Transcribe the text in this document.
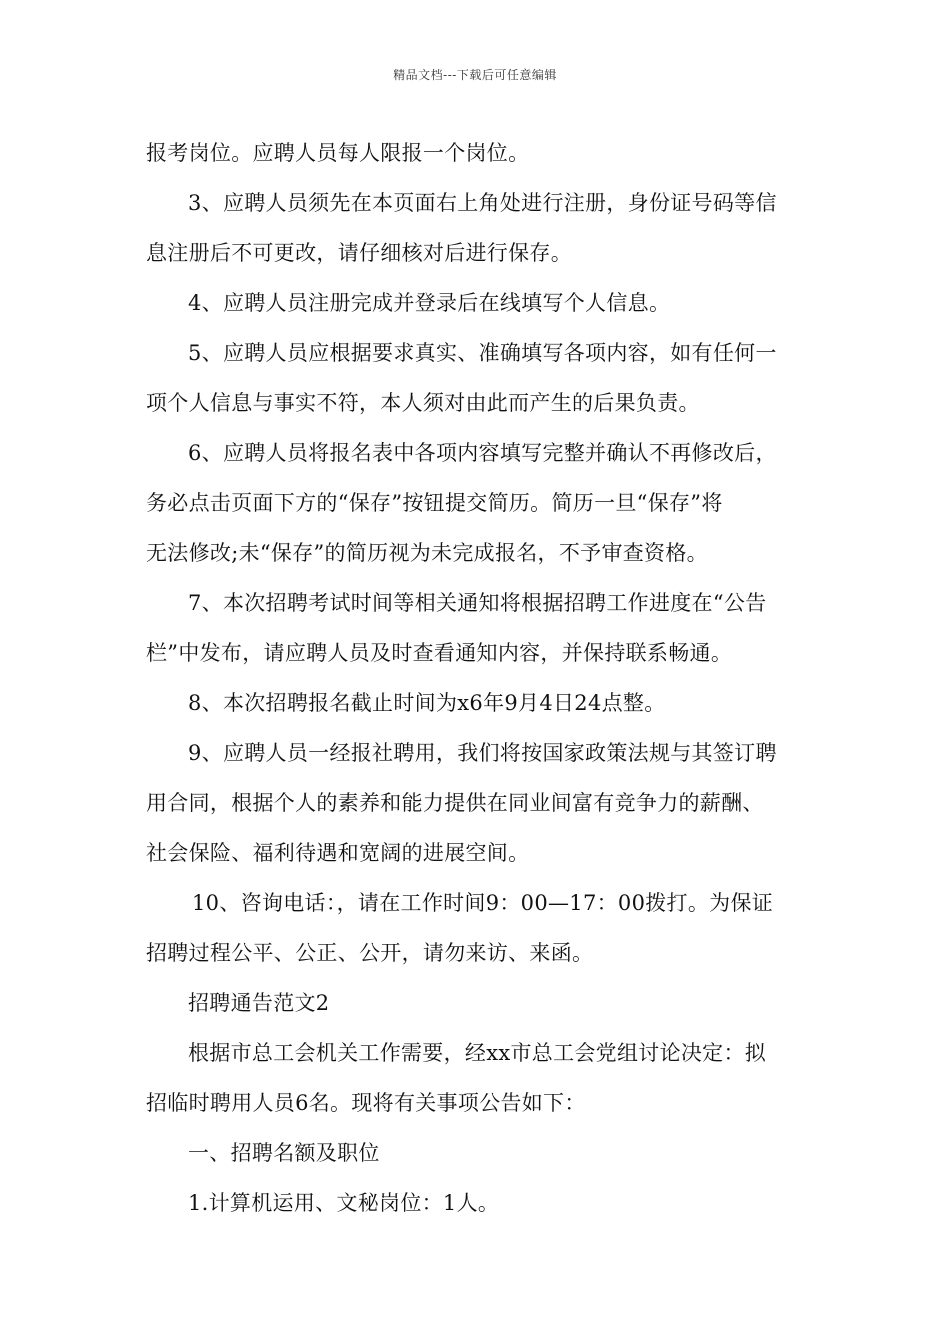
精品文档---下载后可任意编辑
报考岗位。应聘人员每人限报一个岗位。
3、应聘人员须先在本页面右上角处进行注册，身份证号码等信
息注册后不可更改，请仔细核对后进行保存。
4、应聘人员注册完成并登录后在线填写个人信息。
5、应聘人员应根据要求真实、准确填写各项内容，如有任何一
项个人信息与事实不符，本人须对由此而产生的后果负责。
6、应聘人员将报名表中各项内容填写完整并确认不再修改后，
务必点击页面下方的“保存”按钮提交简历。简历一旦“保存”将
无法修改;未“保存”的简历视为未完成报名，不予审查资格。
7、本次招聘考试时间等相关通知将根据招聘工作进度在“公告
栏”中发布，请应聘人员及时查看通知内容，并保持联系畅通。
8、本次招聘报名截止时间为x6年9月4日24点整。
9、应聘人员一经报社聘用，我们将按国家政策法规与其签订聘
用合同，根据个人的素养和能力提供在同业间富有竞争力的薪酬、
社会保险、福利待遇和宽阔的进展空间。
10、咨询电话：，请在工作时间9：00—17：00拨打。为保证
招聘过程公平、公正、公开，请勿来访、来函。
招聘通告范文2
根据市总工会机关工作需要，经xx市总工会党组讨论决定：拟
招临时聘用人员6名。现将有关事项公告如下：
一、招聘名额及职位
1.计算机运用、文秘岗位：1人。
